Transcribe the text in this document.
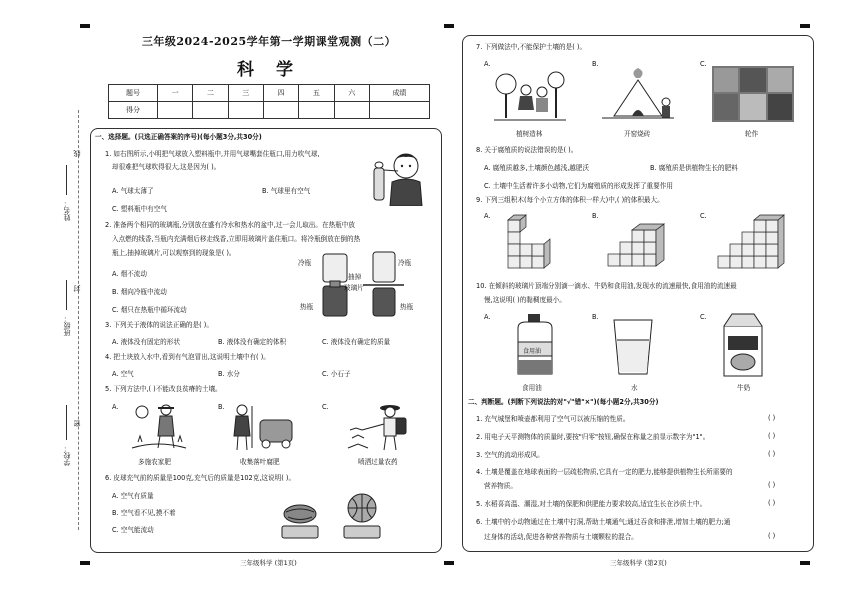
线
姓名：
封
班级：
密
学校：
三年级2024-2025学年第一学期课堂观测（二）
科 学
题号	一	二	三	四	五	六	成绩
得分							
一、选择题。(只选正确答案的序号)(每小题3分,共30分)
1. 如右图所示,小明把气球放入塑料瓶中,并用气球嘴套住瓶口,用力吹气球,
却很难把气球吹得很大,这是因为( )。
A. 气球太薄了	B. 气球里有空气
C. 塑料瓶中有空气
2. 准备两个相同的玻璃瓶,分别放在盛有冷水和热水的盆中,过一会儿取出。在热瓶中放
入点燃的线香,当瓶内充满烟后移走线香,立即用玻璃片盖住瓶口。将冷瓶倒放在倒的热
瓶上,抽掉玻璃片,可以观察到的现象是( )。
A. 烟不流动
B. 烟向冷瓶中流动
C. 烟只在热瓶中循环流动
冷瓶
抽掉
玻璃片
冷瓶
热瓶	热瓶
3. 下列关于液体的说法正确的是( )。
A. 液体没有固定的形状	B. 液体没有确定的体积	C. 液体没有确定的质量
4. 把土块放入水中,看到有气泡冒出,这说明土壤中有( )。
A. 空气	B. 水分	C. 小石子
5. 下列方法中,( )不能改良贫瘠的土壤。
A.	B.	C.
多施农家肥	收集落叶腐肥	喷洒过量农药
6. 皮球充气前的质量是100克,充气后的质量是102克,这说明( )。
A. 空气有质量
B. 空气看不见,摸不着
C. 空气能流动
三年级科学 (第1页)
7. 下列做法中,不能保护土壤的是( )。
A.	B.	C.
植树造林	开窑烧砖	轮作
8. 关于腐殖质的说法错误的是( )。
A. 腐殖质越多,土壤颜色越浅,越肥沃	B. 腐殖质是供植物生长的肥料
C. 土壤中生活着许多小动物,它们为腐殖质的形成发挥了重要作用
9. 下列三组积木(每个小立方体的体积一样大)中,( )的体积最大。
A.	B.	C.
10. 在倾斜的玻璃片顶端分别滴一滴水、牛奶和食用油,发现水的流速最快,食用油的流速最
慢,这说明( )的黏稠度最小。
A.	B.	C.
食用油
食用油	水	牛奶
二、判断题。(判断下列说法的对"√"错"×")(每小题2分,共30分)
1. 充气城堡和喷壶都利用了空气可以被压缩的性质。	( )
2. 用电子天平测物体的质量时,要按"归零"按钮,确保在称量之前显示数字为"1"。	( )
3. 空气的流动形成风。	( )
4. 土壤是覆盖在地球表面的一层疏松物质,它具有一定的肥力,能够提供植物生长所需要的
营养物质。	( )
5. 水稻喜高温、潮湿,对土壤的保肥和供肥能力要求较高,适宜生长在沙质土中。	( )
6. 土壤中的小动物通过在土壤中打洞,帮助土壤通气;通过吞食和排泄,增加土壤的肥力;通
过身体的活动,促进各种营养物质与土壤颗粒的混合。	( )
三年级科学 (第2页)
